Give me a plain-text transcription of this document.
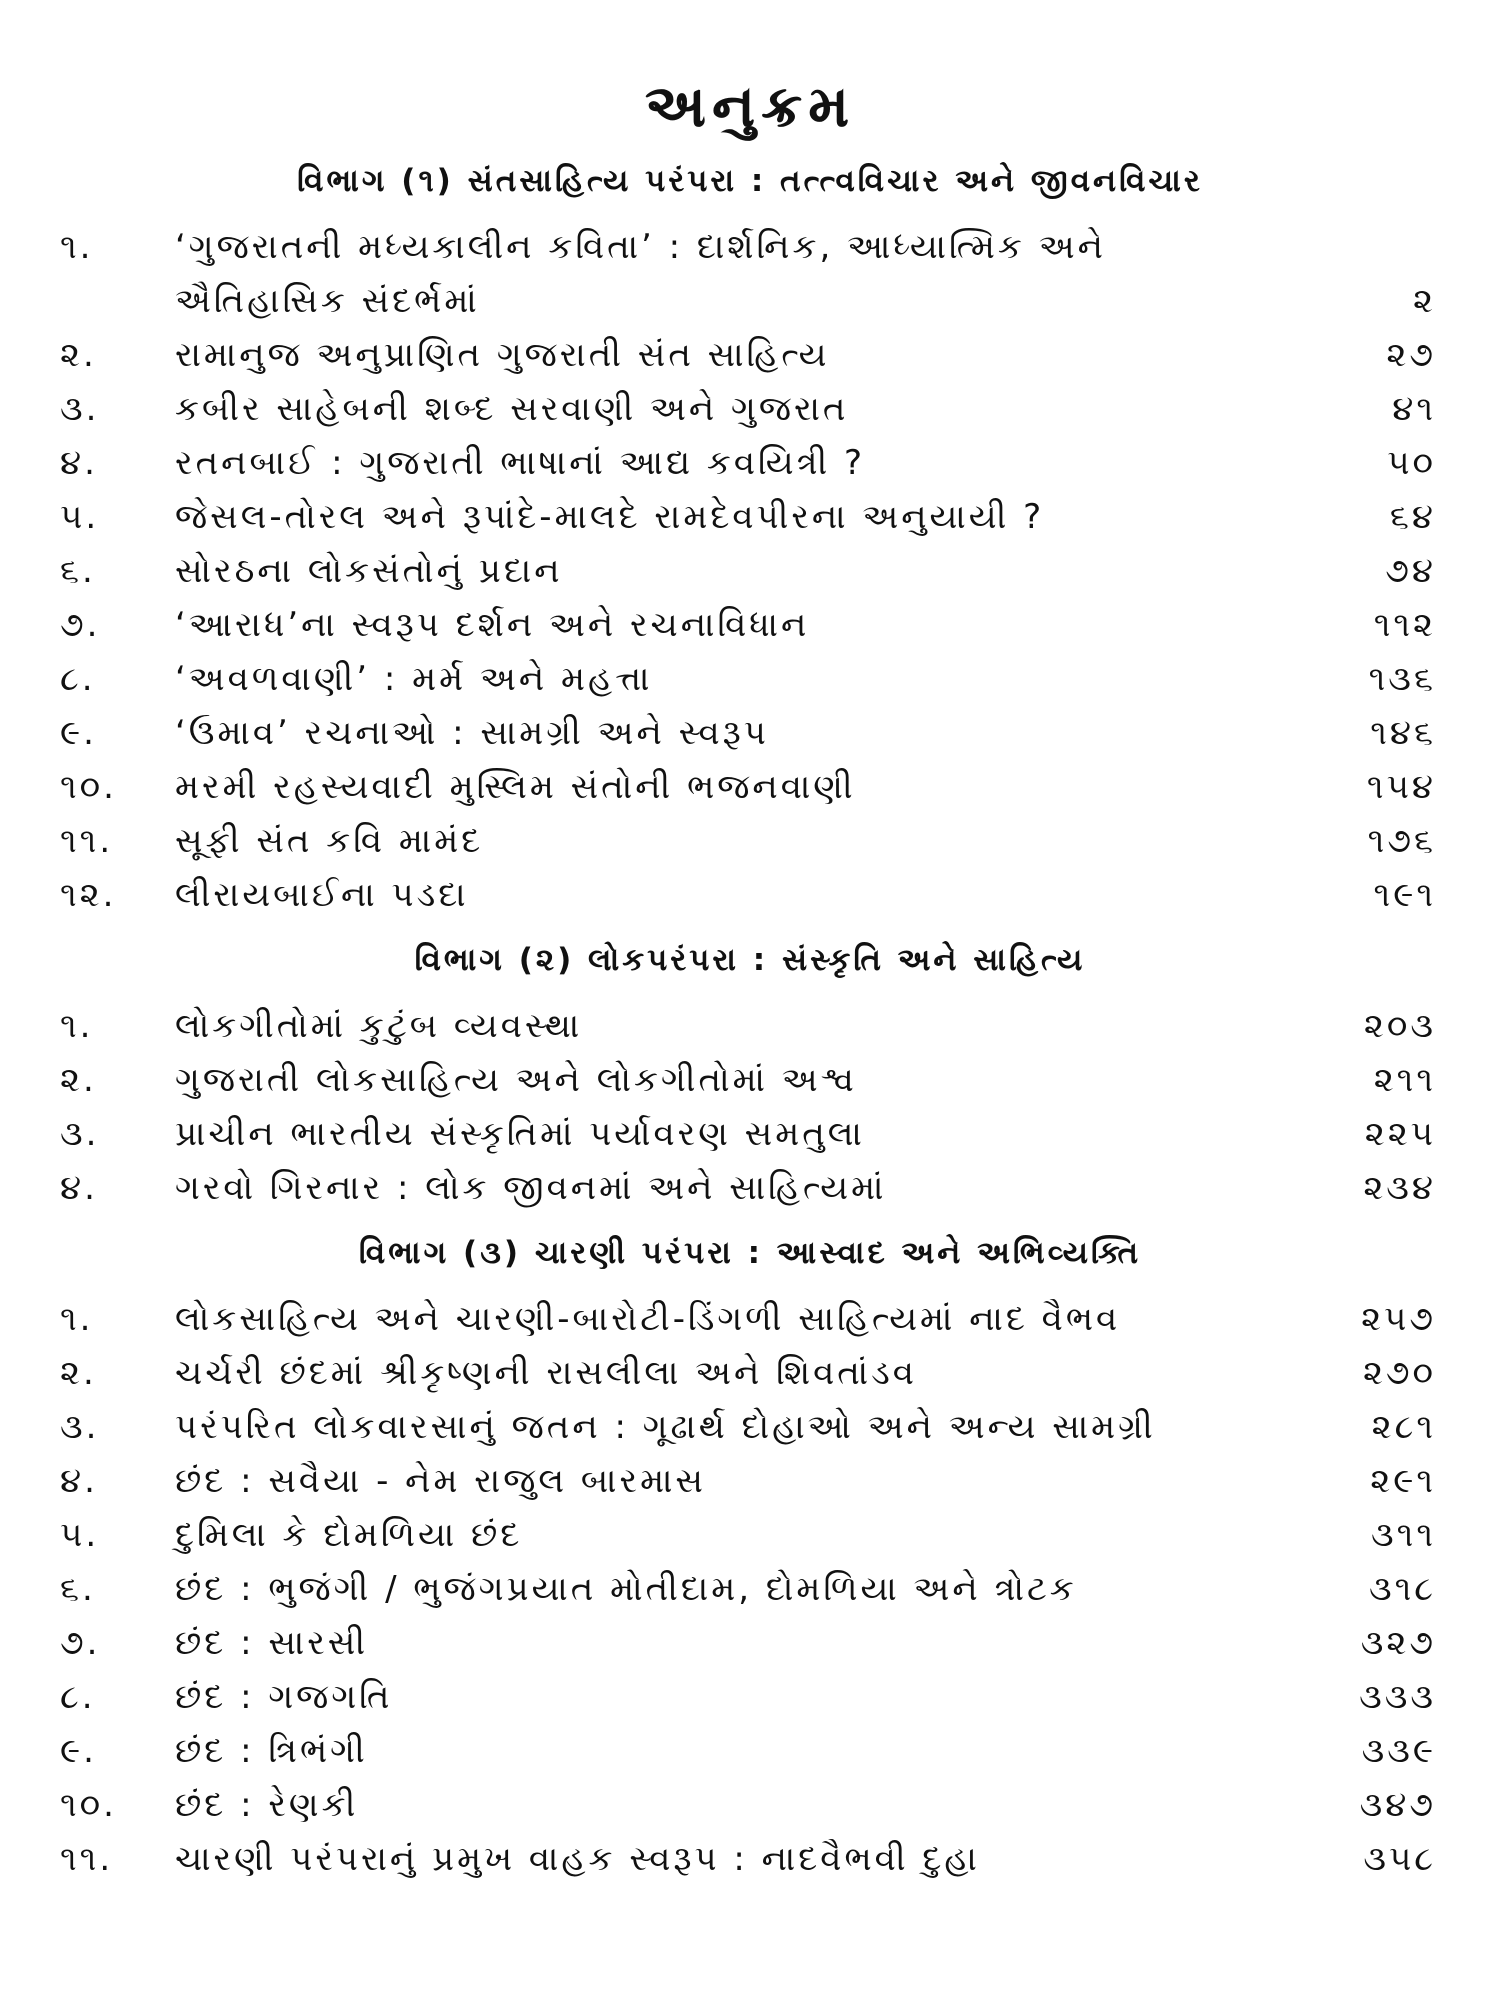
અનુક્રમ
વિભાગ (૧) સંતસાહિત્ય પરંપરા : તત્ત્વવિચાર અને જીવનવિચાર
૧.	‘ગુજરાતની મધ્યકાલીન કવિતા’ : દાર્શનિક, આધ્યાત્મિક અને
ઐતિહાસિક સંદર્ભમાં	૨
૨.	રામાનુજ અનુપ્રાણિત ગુજરાતી સંત સાહિત્ય	૨૭
૩.	કબીર સાહેબની શબ્દ સરવાણી અને ગુજરાત	૪૧
૪.	રતનબાઈ : ગુજરાતી ભાષાનાં આદ્ય કવયિત્રી ?	૫૦
૫.	જેસલ-તોરલ અને રૂપાંદે-માલદે રામદેવપીરના અનુયાયી ?	૬૪
૬.	સોરઠના લોકસંતોનું પ્રદાન	૭૪
૭.	‘આરાધ’ના સ્વરૂપ દર્શન અને રચનાવિધાન	૧૧૨
૮.	‘અવળવાણી’ : મર્મ અને મહત્તા	૧૩૬
૯.	‘ઉમાવ’ રચનાઓ : સામગ્રી અને સ્વરૂપ	૧૪૬
૧૦.	મરમી રહસ્યવાદી મુસ્લિમ સંતોની ભજનવાણી	૧૫૪
૧૧.	સૂફી સંત કવિ મામંદ	૧૭૬
૧૨.	લીરાયબાઈના પડદા	૧૯૧
વિભાગ (૨) લોકપરંપરા : સંસ્કૃતિ અને સાહિત્ય
૧.	લોકગીતોમાં કુટુંબ વ્યવસ્થા	૨૦૩
૨.	ગુજરાતી લોકસાહિત્ય અને લોકગીતોમાં અશ્વ	૨૧૧
૩.	પ્રાચીન ભારતીય સંસ્કૃતિમાં પર્યાવરણ સમતુલા	૨૨૫
૪.	ગરવો ગિરનાર : લોક જીવનમાં અને સાહિત્યમાં	૨૩૪
વિભાગ (૩) ચારણી પરંપરા : આસ્વાદ અને અભિવ્યક્તિ
૧.	લોકસાહિત્ય અને ચારણી-બારોટી-ડિંગળી સાહિત્યમાં નાદ વૈભવ	૨૫૭
૨.	ચર્ચરી છંદમાં શ્રીકૃષ્ણની રાસલીલા અને શિવતાંડવ	૨૭૦
૩.	પરંપરિત લોકવારસાનું જતન : ગૂઢાર્થ દોહાઓ અને અન્ય સામગ્રી	૨૮૧
૪.	છંદ : સવૈયા - નેમ રાજુલ બારમાસ	૨૯૧
૫.	દુમિલા કે દોમળિયા છંદ	૩૧૧
૬.	છંદ : ભુજંગી / ભુજંગપ્રયાત મોતીદામ, દોમળિયા અને ત્રોટક	૩૧૮
૭.	છંદ : સારસી	૩૨૭
૮.	છંદ : ગજગતિ	૩૩૩
૯.	છંદ : ત્રિભંગી	૩૩૯
૧૦.	છંદ : રેણકી	૩૪૭
૧૧.	ચારણી પરંપરાનું પ્રમુખ વાહક સ્વરૂપ : નાદવૈભવી દુહા	૩૫૮
